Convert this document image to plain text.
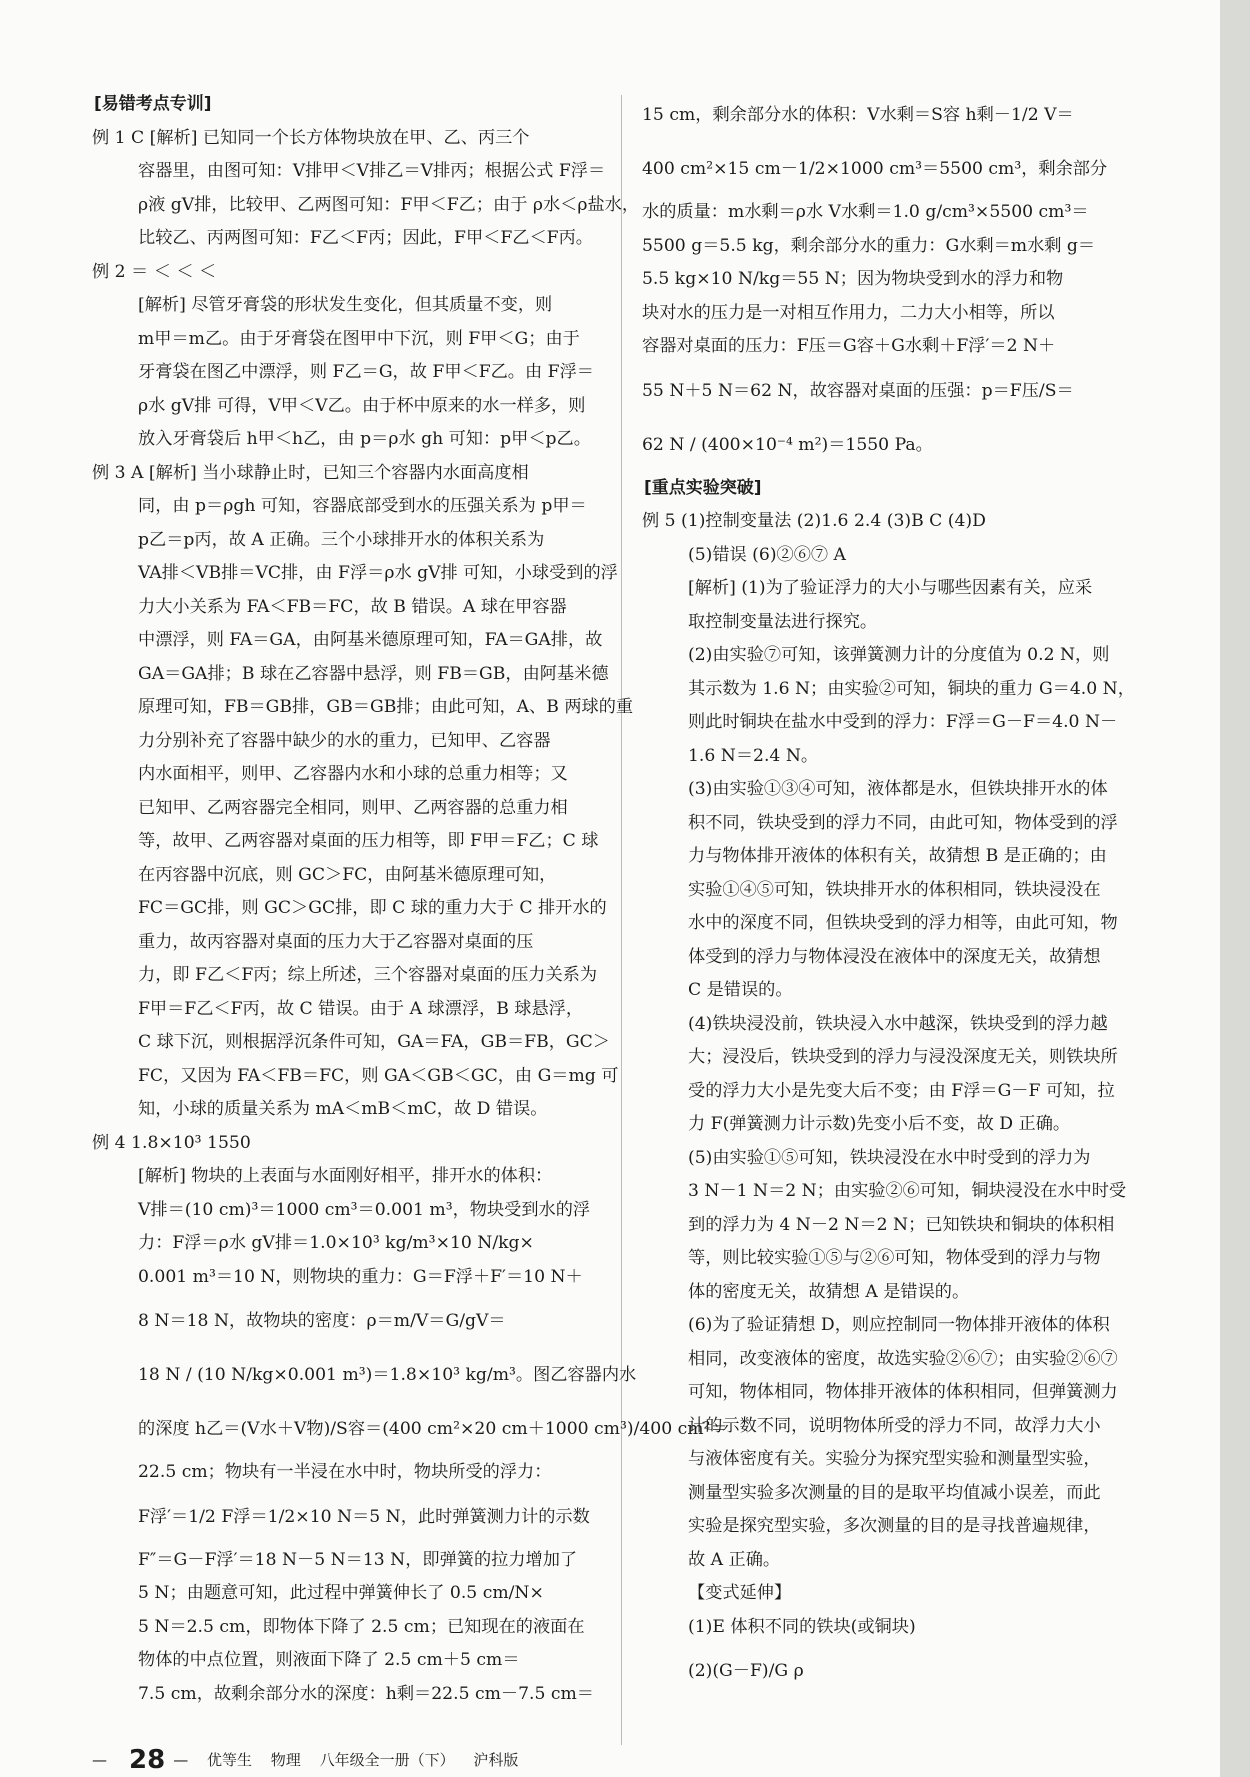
[易错考点专训]
例 1 C [解析] 已知同一个长方体物块放在甲、乙、丙三个
容器里，由图可知：V排甲＜V排乙＝V排丙；根据公式 F浮＝
ρ液 gV排，比较甲、乙两图可知：F甲＜F乙；由于 ρ水＜ρ盐水，
比较乙、丙两图可知：F乙＜F丙；因此，F甲＜F乙＜F丙。
例 2 ＝ ＜ ＜ ＜
[解析] 尽管牙膏袋的形状发生变化，但其质量不变，则
m甲＝m乙。由于牙膏袋在图甲中下沉，则 F甲＜G；由于
牙膏袋在图乙中漂浮，则 F乙＝G，故 F甲＜F乙。由 F浮＝
ρ水 gV排 可得，V甲＜V乙。由于杯中原来的水一样多，则
放入牙膏袋后 h甲＜h乙，由 p＝ρ水 gh 可知：p甲＜p乙。
例 3 A [解析] 当小球静止时，已知三个容器内水面高度相
同，由 p＝ρgh 可知，容器底部受到水的压强关系为 p甲＝
p乙＝p丙，故 A 正确。三个小球排开水的体积关系为
VA排＜VB排＝VC排，由 F浮＝ρ水 gV排 可知，小球受到的浮
力大小关系为 FA＜FB＝FC，故 B 错误。A 球在甲容器
中漂浮，则 FA＝GA，由阿基米德原理可知，FA＝GA排，故
GA＝GA排；B 球在乙容器中悬浮，则 FB＝GB，由阿基米德
原理可知，FB＝GB排，GB＝GB排；由此可知，A、B 两球的重
力分别补充了容器中缺少的水的重力，已知甲、乙容器
内水面相平，则甲、乙容器内水和小球的总重力相等；又
已知甲、乙两容器完全相同，则甲、乙两容器的总重力相
等，故甲、乙两容器对桌面的压力相等，即 F甲＝F乙；C 球
在丙容器中沉底，则 GC＞FC，由阿基米德原理可知，
FC＝GC排，则 GC＞GC排，即 C 球的重力大于 C 排开水的
重力，故丙容器对桌面的压力大于乙容器对桌面的压
力，即 F乙＜F丙；综上所述，三个容器对桌面的压力关系为
F甲＝F乙＜F丙，故 C 错误。由于 A 球漂浮，B 球悬浮，
C 球下沉，则根据浮沉条件可知，GA＝FA，GB＝FB，GC＞
FC，又因为 FA＜FB＝FC，则 GA＜GB＜GC，由 G＝mg 可
知，小球的质量关系为 mA＜mB＜mC，故 D 错误。
例 4 1.8×10³ 1550
[解析] 物块的上表面与水面刚好相平，排开水的体积：
V排＝(10 cm)³＝1000 cm³＝0.001 m³，物块受到水的浮
力：F浮＝ρ水 gV排＝1.0×10³ kg/m³×10 N/kg×
0.001 m³＝10 N，则物块的重力：G＝F浮＋F′＝10 N＋
8 N＝18 N，故物块的密度：ρ＝m/V＝G/gV＝
18 N / (10 N/kg×0.001 m³)＝1.8×10³ kg/m³。图乙容器内水
的深度 h乙＝(V水＋V物)/S容＝(400 cm²×20 cm＋1000 cm³)/400 cm²＝
22.5 cm；物块有一半浸在水中时，物块所受的浮力：
F浮′＝1/2 F浮＝1/2×10 N＝5 N，此时弹簧测力计的示数
F″＝G－F浮′＝18 N－5 N＝13 N，即弹簧的拉力增加了
5 N；由题意可知，此过程中弹簧伸长了 0.5 cm/N×
5 N＝2.5 cm，即物体下降了 2.5 cm；已知现在的液面在
物体的中点位置，则液面下降了 2.5 cm＋5 cm＝
7.5 cm，故剩余部分水的深度：h剩＝22.5 cm－7.5 cm＝
15 cm，剩余部分水的体积：V水剩＝S容 h剩－1/2 V＝
400 cm²×15 cm－1/2×1000 cm³＝5500 cm³，剩余部分
水的质量：m水剩＝ρ水 V水剩＝1.0 g/cm³×5500 cm³＝
5500 g＝5.5 kg，剩余部分水的重力：G水剩＝m水剩 g＝
5.5 kg×10 N/kg＝55 N；因为物块受到水的浮力和物
块对水的压力是一对相互作用力，二力大小相等，所以
容器对桌面的压力：F压＝G容＋G水剩＋F浮′＝2 N＋
55 N＋5 N＝62 N，故容器对桌面的压强：p＝F压/S＝
62 N / (400×10⁻⁴ m²)＝1550 Pa。
[重点实验突破]
例 5 (1)控制变量法 (2)1.6 2.4 (3)B C (4)D
(5)错误 (6)②⑥⑦ A
[解析] (1)为了验证浮力的大小与哪些因素有关，应采
取控制变量法进行探究。
(2)由实验⑦可知，该弹簧测力计的分度值为 0.2 N，则
其示数为 1.6 N；由实验②可知，铜块的重力 G＝4.0 N，
则此时铜块在盐水中受到的浮力：F浮＝G－F＝4.0 N－
1.6 N＝2.4 N。
(3)由实验①③④可知，液体都是水，但铁块排开水的体
积不同，铁块受到的浮力不同，由此可知，物体受到的浮
力与物体排开液体的体积有关，故猜想 B 是正确的；由
实验①④⑤可知，铁块排开水的体积相同，铁块浸没在
水中的深度不同，但铁块受到的浮力相等，由此可知，物
体受到的浮力与物体浸没在液体中的深度无关，故猜想
C 是错误的。
(4)铁块浸没前，铁块浸入水中越深，铁块受到的浮力越
大；浸没后，铁块受到的浮力与浸没深度无关，则铁块所
受的浮力大小是先变大后不变；由 F浮＝G－F 可知，拉
力 F(弹簧测力计示数)先变小后不变，故 D 正确。
(5)由实验①⑤可知，铁块浸没在水中时受到的浮力为
3 N－1 N＝2 N；由实验②⑥可知，铜块浸没在水中时受
到的浮力为 4 N－2 N＝2 N；已知铁块和铜块的体积相
等，则比较实验①⑤与②⑥可知，物体受到的浮力与物
体的密度无关，故猜想 A 是错误的。
(6)为了验证猜想 D，则应控制同一物体排开液体的体积
相同，改变液体的密度，故选实验②⑥⑦；由实验②⑥⑦
可知，物体相同，物体排开液体的体积相同，但弹簧测力
计的示数不同，说明物体所受的浮力不同，故浮力大小
与液体密度有关。实验分为探究型实验和测量型实验，
测量型实验多次测量的目的是取平均值减小误差，而此
实验是探究型实验，多次测量的目的是寻找普遍规律，
故 A 正确。
【变式延伸】
(1)E 体积不同的铁块(或铜块)
(2)(G－F)/G ρ
— 28 — 优等生 物理 八年级全一册（下） 沪科版
